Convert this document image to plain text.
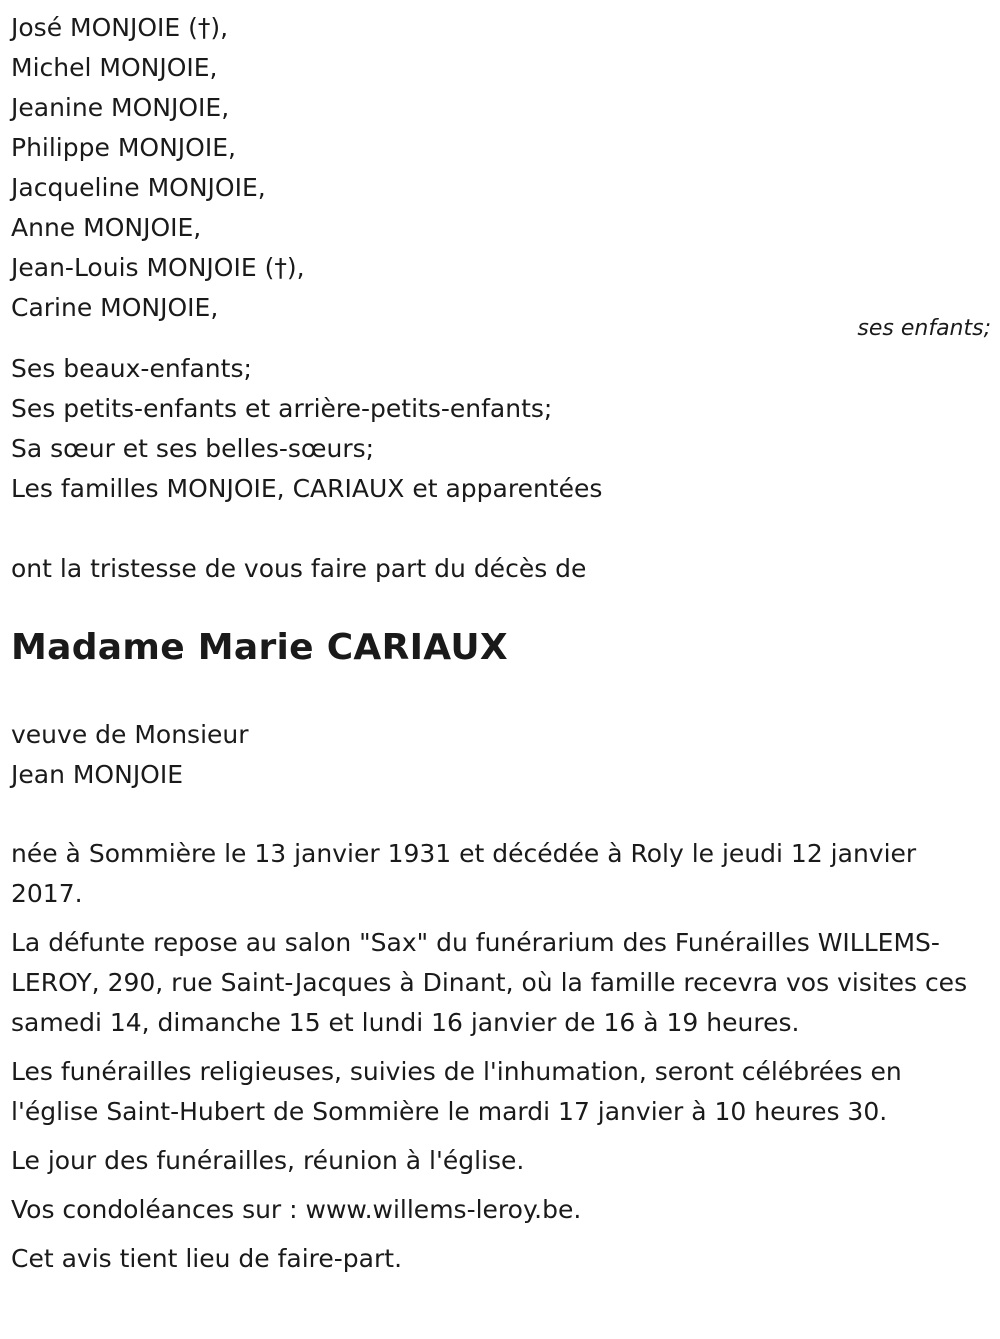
José MONJOIE (†),

Michel MONJOIE,

Jeanine MONJOIE,

Philippe MONJOIE,

Jacqueline MONJOIE,

Anne MONJOIE,

Jean-Louis MONJOIE (†),

Carine MONJOIE,

ses enfants;

Ses beaux-enfants;

Ses petits-enfants et arrière-petits-enfants;

Sa sœur et ses belles-sœurs;

Les familles MONJOIE, CARIAUX et apparentées

ont la tristesse de vous faire part du décès de

Madame Marie CARIAUX

veuve de Monsieur

Jean MONJOIE

née à Sommière le 13 janvier 1931 et décédée à Roly le jeudi 12 janvier 2017.

La défunte repose au salon "Sax" du funérarium des Funérailles WILLEMS-LEROY, 290, rue Saint-Jacques à Dinant, où la famille recevra vos visites ces samedi 14, dimanche 15 et lundi 16 janvier de 16 à 19 heures.

Les funérailles religieuses, suivies de l'inhumation, seront célébrées en l'église Saint-Hubert de Sommière le mardi 17 janvier à 10 heures 30.

Le jour des funérailles, réunion à l'église.

Vos condoléances sur : www.willems-leroy.be.

Cet avis tient lieu de faire-part.
